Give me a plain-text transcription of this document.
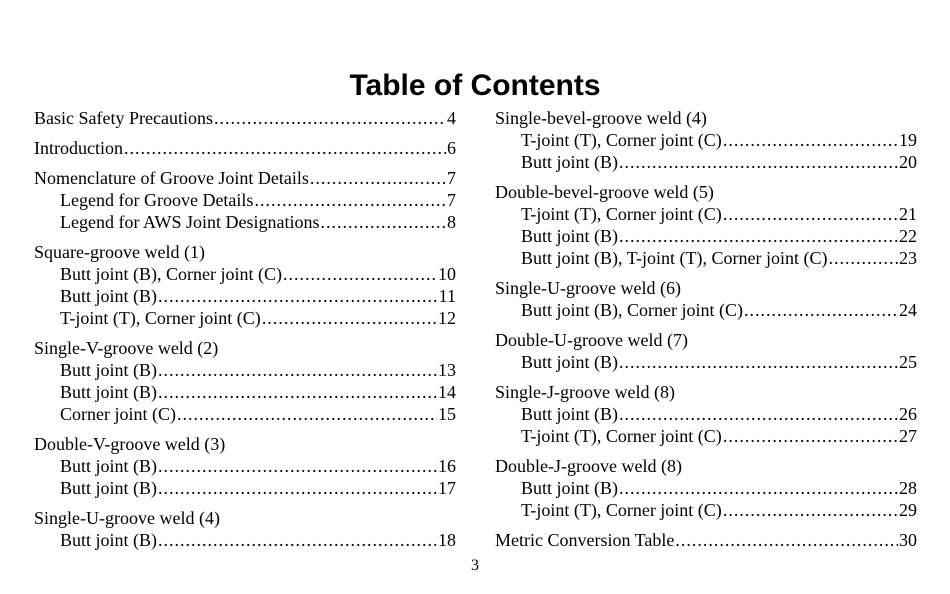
Table of Contents
Basic Safety Precautions .....	4
Introduction .....	6
Nomenclature of Groove Joint Details .....	7
Legend for Groove Details .....	7
Legend for AWS Joint Designations .....	8
Square-groove weld (1)
Butt joint (B), Corner joint (C) .....	10
Butt joint (B) .....	11
T-joint (T), Corner joint (C) .....	12
Single-V-groove weld (2)
Butt joint (B) .....	13
Butt joint (B) .....	14
Corner joint (C) .....	15
Double-V-groove weld (3)
Butt joint (B) .....	16
Butt joint (B) .....	17
Single-U-groove weld (4)
Butt joint (B) .....	18
Single-bevel-groove weld (4)
T-joint (T), Corner joint (C) .....	19
Butt joint (B) .....	20
Double-bevel-groove weld (5)
T-joint (T), Corner joint (C) .....	21
Butt joint (B) .....	22
Butt joint (B), T-joint (T), Corner joint (C) .....	23
Single-U-groove weld (6)
Butt joint (B), Corner joint (C) .....	24
Double-U-groove weld (7)
Butt joint (B) .....	25
Single-J-groove weld (8)
Butt joint (B) .....	26
T-joint (T), Corner joint (C) .....	27
Double-J-groove weld (8)
Butt joint (B) .....	28
T-joint (T), Corner joint (C) .....	29
Metric Conversion Table .....	30
3
